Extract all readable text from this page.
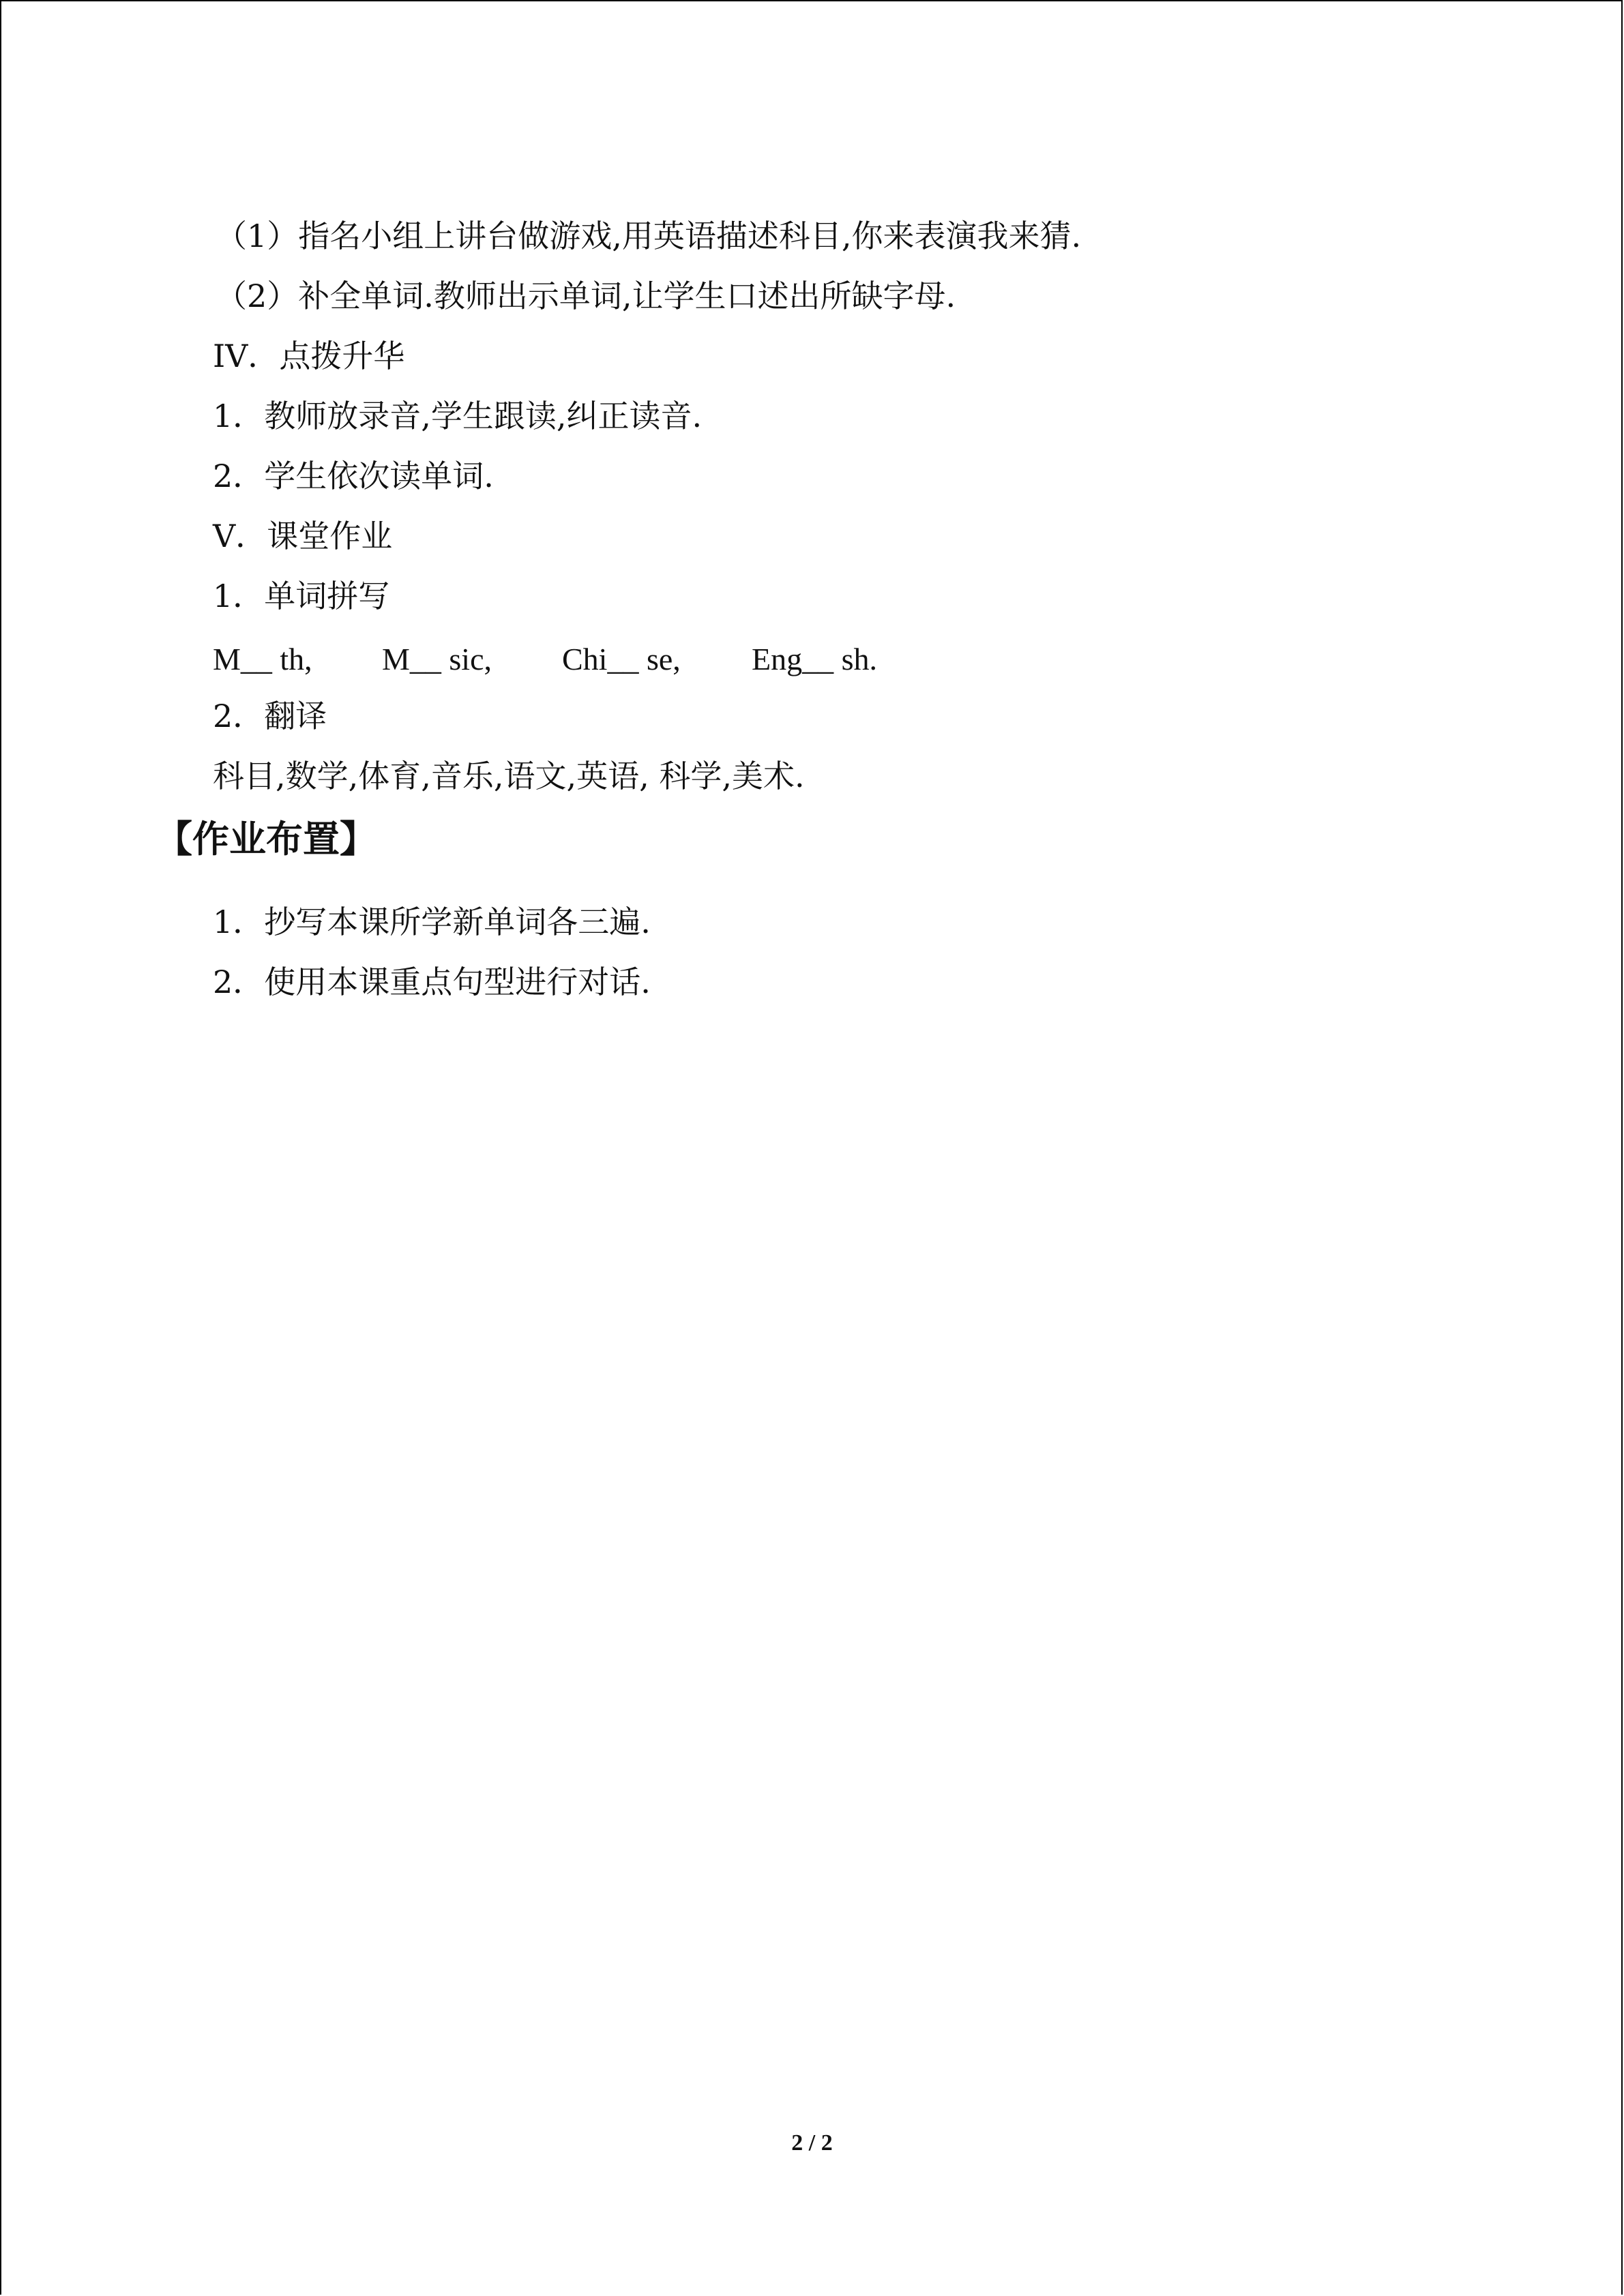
（1）指名小组上讲台做游戏,用英语描述科目,你来表演我来猜.
（2）补全单词.教师出示单词,让学生口述出所缺字母.
IV．点拨升华
1．教师放录音,学生跟读,纠正读音.
2．学生依次读单词.
V．课堂作业
1．单词拼写
M__ th, M__ sic, Chi__ se, Eng__ sh.
2．翻译
科目,数学,体育,音乐,语文,英语, 科学,美术.
【作业布置】
1．抄写本课所学新单词各三遍.
2．使用本课重点句型进行对话.
2 / 2
